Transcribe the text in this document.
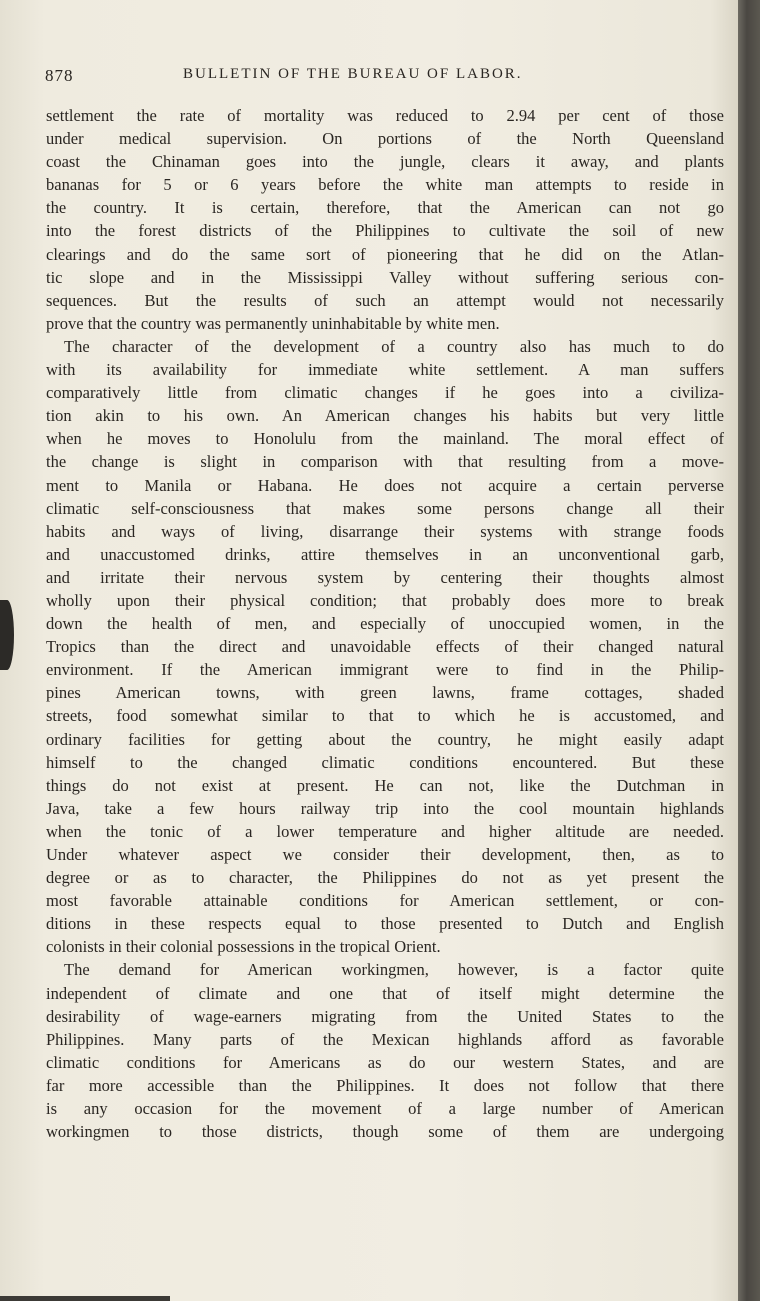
878	BULLETIN OF THE BUREAU OF LABOR.
settlement the rate of mortality was reduced to 2.94 per cent of those
under medical supervision. On portions of the North Queensland
coast the Chinaman goes into the jungle, clears it away, and plants
bananas for 5 or 6 years before the white man attempts to reside in
the country. It is certain, therefore, that the American can not go
into the forest districts of the Philippines to cultivate the soil of new
clearings and do the same sort of pioneering that he did on the Atlan-
tic slope and in the Mississippi Valley without suffering serious con-
sequences. But the results of such an attempt would not necessarily
prove that the country was permanently uninhabitable by white men.
The character of the development of a country also has much to do
with its availability for immediate white settlement. A man suffers
comparatively little from climatic changes if he goes into a civiliza-
tion akin to his own. An American changes his habits but very little
when he moves to Honolulu from the mainland. The moral effect of
the change is slight in comparison with that resulting from a move-
ment to Manila or Habana. He does not acquire a certain perverse
climatic self-consciousness that makes some persons change all their
habits and ways of living, disarrange their systems with strange foods
and unaccustomed drinks, attire themselves in an unconventional garb,
and irritate their nervous system by centering their thoughts almost
wholly upon their physical condition; that probably does more to break
down the health of men, and especially of unoccupied women, in the
Tropics than the direct and unavoidable effects of their changed natural
environment. If the American immigrant were to find in the Philip-
pines American towns, with green lawns, frame cottages, shaded
streets, food somewhat similar to that to which he is accustomed, and
ordinary facilities for getting about the country, he might easily adapt
himself to the changed climatic conditions encountered. But these
things do not exist at present. He can not, like the Dutchman in
Java, take a few hours railway trip into the cool mountain highlands
when the tonic of a lower temperature and higher altitude are needed.
Under whatever aspect we consider their development, then, as to
degree or as to character, the Philippines do not as yet present the
most favorable attainable conditions for American settlement, or con-
ditions in these respects equal to those presented to Dutch and English
colonists in their colonial possessions in the tropical Orient.
The demand for American workingmen, however, is a factor quite
independent of climate and one that of itself might determine the
desirability of wage-earners migrating from the United States to the
Philippines. Many parts of the Mexican highlands afford as favorable
climatic conditions for Americans as do our western States, and are
far more accessible than the Philippines. It does not follow that there
is any occasion for the movement of a large number of American
workingmen to those districts, though some of them are undergoing
